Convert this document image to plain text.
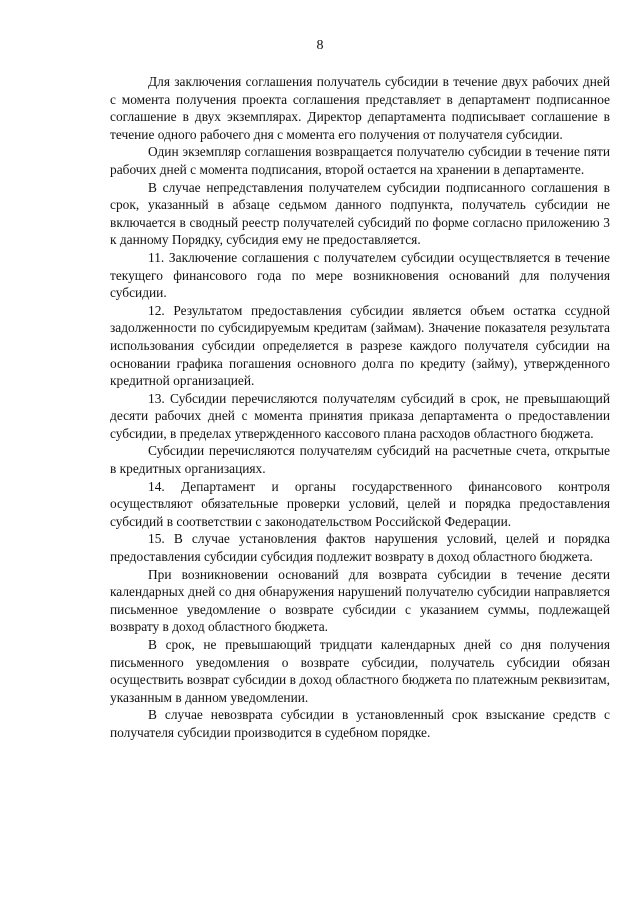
8

Для заключения соглашения получатель субсидии в течение двух рабочих дней с момента получения проекта соглашения представляет в департамент подписанное соглашение в двух экземплярах. Директор департамента подписывает соглашение в течение одного рабочего дня с момента его получения от получателя субсидии.

Один экземпляр соглашения возвращается получателю субсидии в течение пяти рабочих дней с момента подписания, второй остается на хранении в департаменте.

В случае непредставления получателем субсидии подписанного соглашения в срок, указанный в абзаце седьмом данного подпункта, получатель субсидии не включается в сводный реестр получателей субсидий по форме согласно приложению 3 к данному Порядку, субсидия ему не предоставляется.

11. Заключение соглашения с получателем субсидии осуществляется в течение текущего финансового года по мере возникновения оснований для получения субсидии.

12. Результатом предоставления субсидии является объем остатка ссудной задолженности по субсидируемым кредитам (займам). Значение показателя результата использования субсидии определяется в разрезе каждого получателя субсидии на основании графика погашения основного долга по кредиту (займу), утвержденного кредитной организацией.

13. Субсидии перечисляются получателям субсидий в срок, не превышающий десяти рабочих дней с момента принятия приказа департамента о предоставлении субсидии, в пределах утвержденного кассового плана расходов областного бюджета.

Субсидии перечисляются получателям субсидий на расчетные счета, открытые в кредитных организациях.

14. Департамент и органы государственного финансового контроля осуществляют обязательные проверки условий, целей и порядка предоставления субсидий в соответствии с законодательством Российской Федерации.

15. В случае установления фактов нарушения условий, целей и порядка предоставления субсидии субсидия подлежит возврату в доход областного бюджета.

При возникновении оснований для возврата субсидии в течение десяти календарных дней со дня обнаружения нарушений получателю субсидии направляется письменное уведомление о возврате субсидии с указанием суммы, подлежащей возврату в доход областного бюджета.

В срок, не превышающий тридцати календарных дней со дня получения письменного уведомления о возврате субсидии, получатель субсидии обязан осуществить возврат субсидии в доход областного бюджета по платежным реквизитам, указанным в данном уведомлении.

В случае невозврата субсидии в установленный срок взыскание средств с получателя субсидии производится в судебном порядке.
